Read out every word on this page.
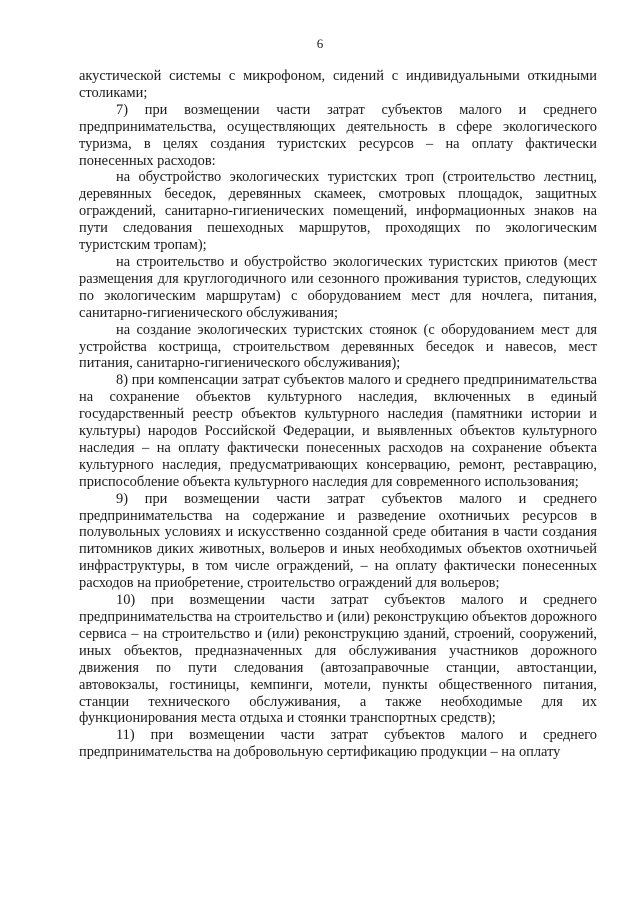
6

акустической системы с микрофоном, сидений с индивидуальными откидными столиками;

7) при возмещении части затрат субъектов малого и среднего предпринимательства, осуществляющих деятельность в сфере экологического туризма, в целях создания туристских ресурсов – на оплату фактически понесенных расходов:

на обустройство экологических туристских троп (строительство лестниц, деревянных беседок, деревянных скамеек, смотровых площадок, защитных ограждений, санитарно-гигиенических помещений, информационных знаков на пути следования пешеходных маршрутов, проходящих по экологическим туристским тропам);

на строительство и обустройство экологических туристских приютов (мест размещения для круглогодичного или сезонного проживания туристов, следующих по экологическим маршрутам) с оборудованием мест для ночлега, питания, санитарно-гигиенического обслуживания;

на создание экологических туристских стоянок (с оборудованием мест для устройства кострища, строительством деревянных беседок и навесов, мест питания, санитарно-гигиенического обслуживания);

8) при компенсации затрат субъектов малого и среднего предпринимательства на сохранение объектов культурного наследия, включенных в единый государственный реестр объектов культурного наследия (памятники истории и культуры) народов Российской Федерации, и выявленных объектов культурного наследия – на оплату фактически понесенных расходов на сохранение объекта культурного наследия, предусматривающих консервацию, ремонт, реставрацию, приспособление объекта культурного наследия для современного использования;

9) при возмещении части затрат субъектов малого и среднего предпринимательства на содержание и разведение охотничьих ресурсов в полувольных условиях и искусственно созданной среде обитания в части создания питомников диких животных, вольеров и иных необходимых объектов охотничьей инфраструктуры, в том числе ограждений, – на оплату фактически понесенных расходов на приобретение, строительство ограждений для вольеров;

10) при возмещении части затрат субъектов малого и среднего предпринимательства на строительство и (или) реконструкцию объектов дорожного сервиса – на строительство и (или) реконструкцию зданий, строений, сооружений, иных объектов, предназначенных для обслуживания участников дорожного движения по пути следования (автозаправочные станции, автостанции, автовокзалы, гостиницы, кемпинги, мотели, пункты общественного питания, станции технического обслуживания, а также необходимые для их функционирования места отдыха и стоянки транспортных средств);

11) при возмещении части затрат субъектов малого и среднего предпринимательства на добровольную сертификацию продукции – на оплату
